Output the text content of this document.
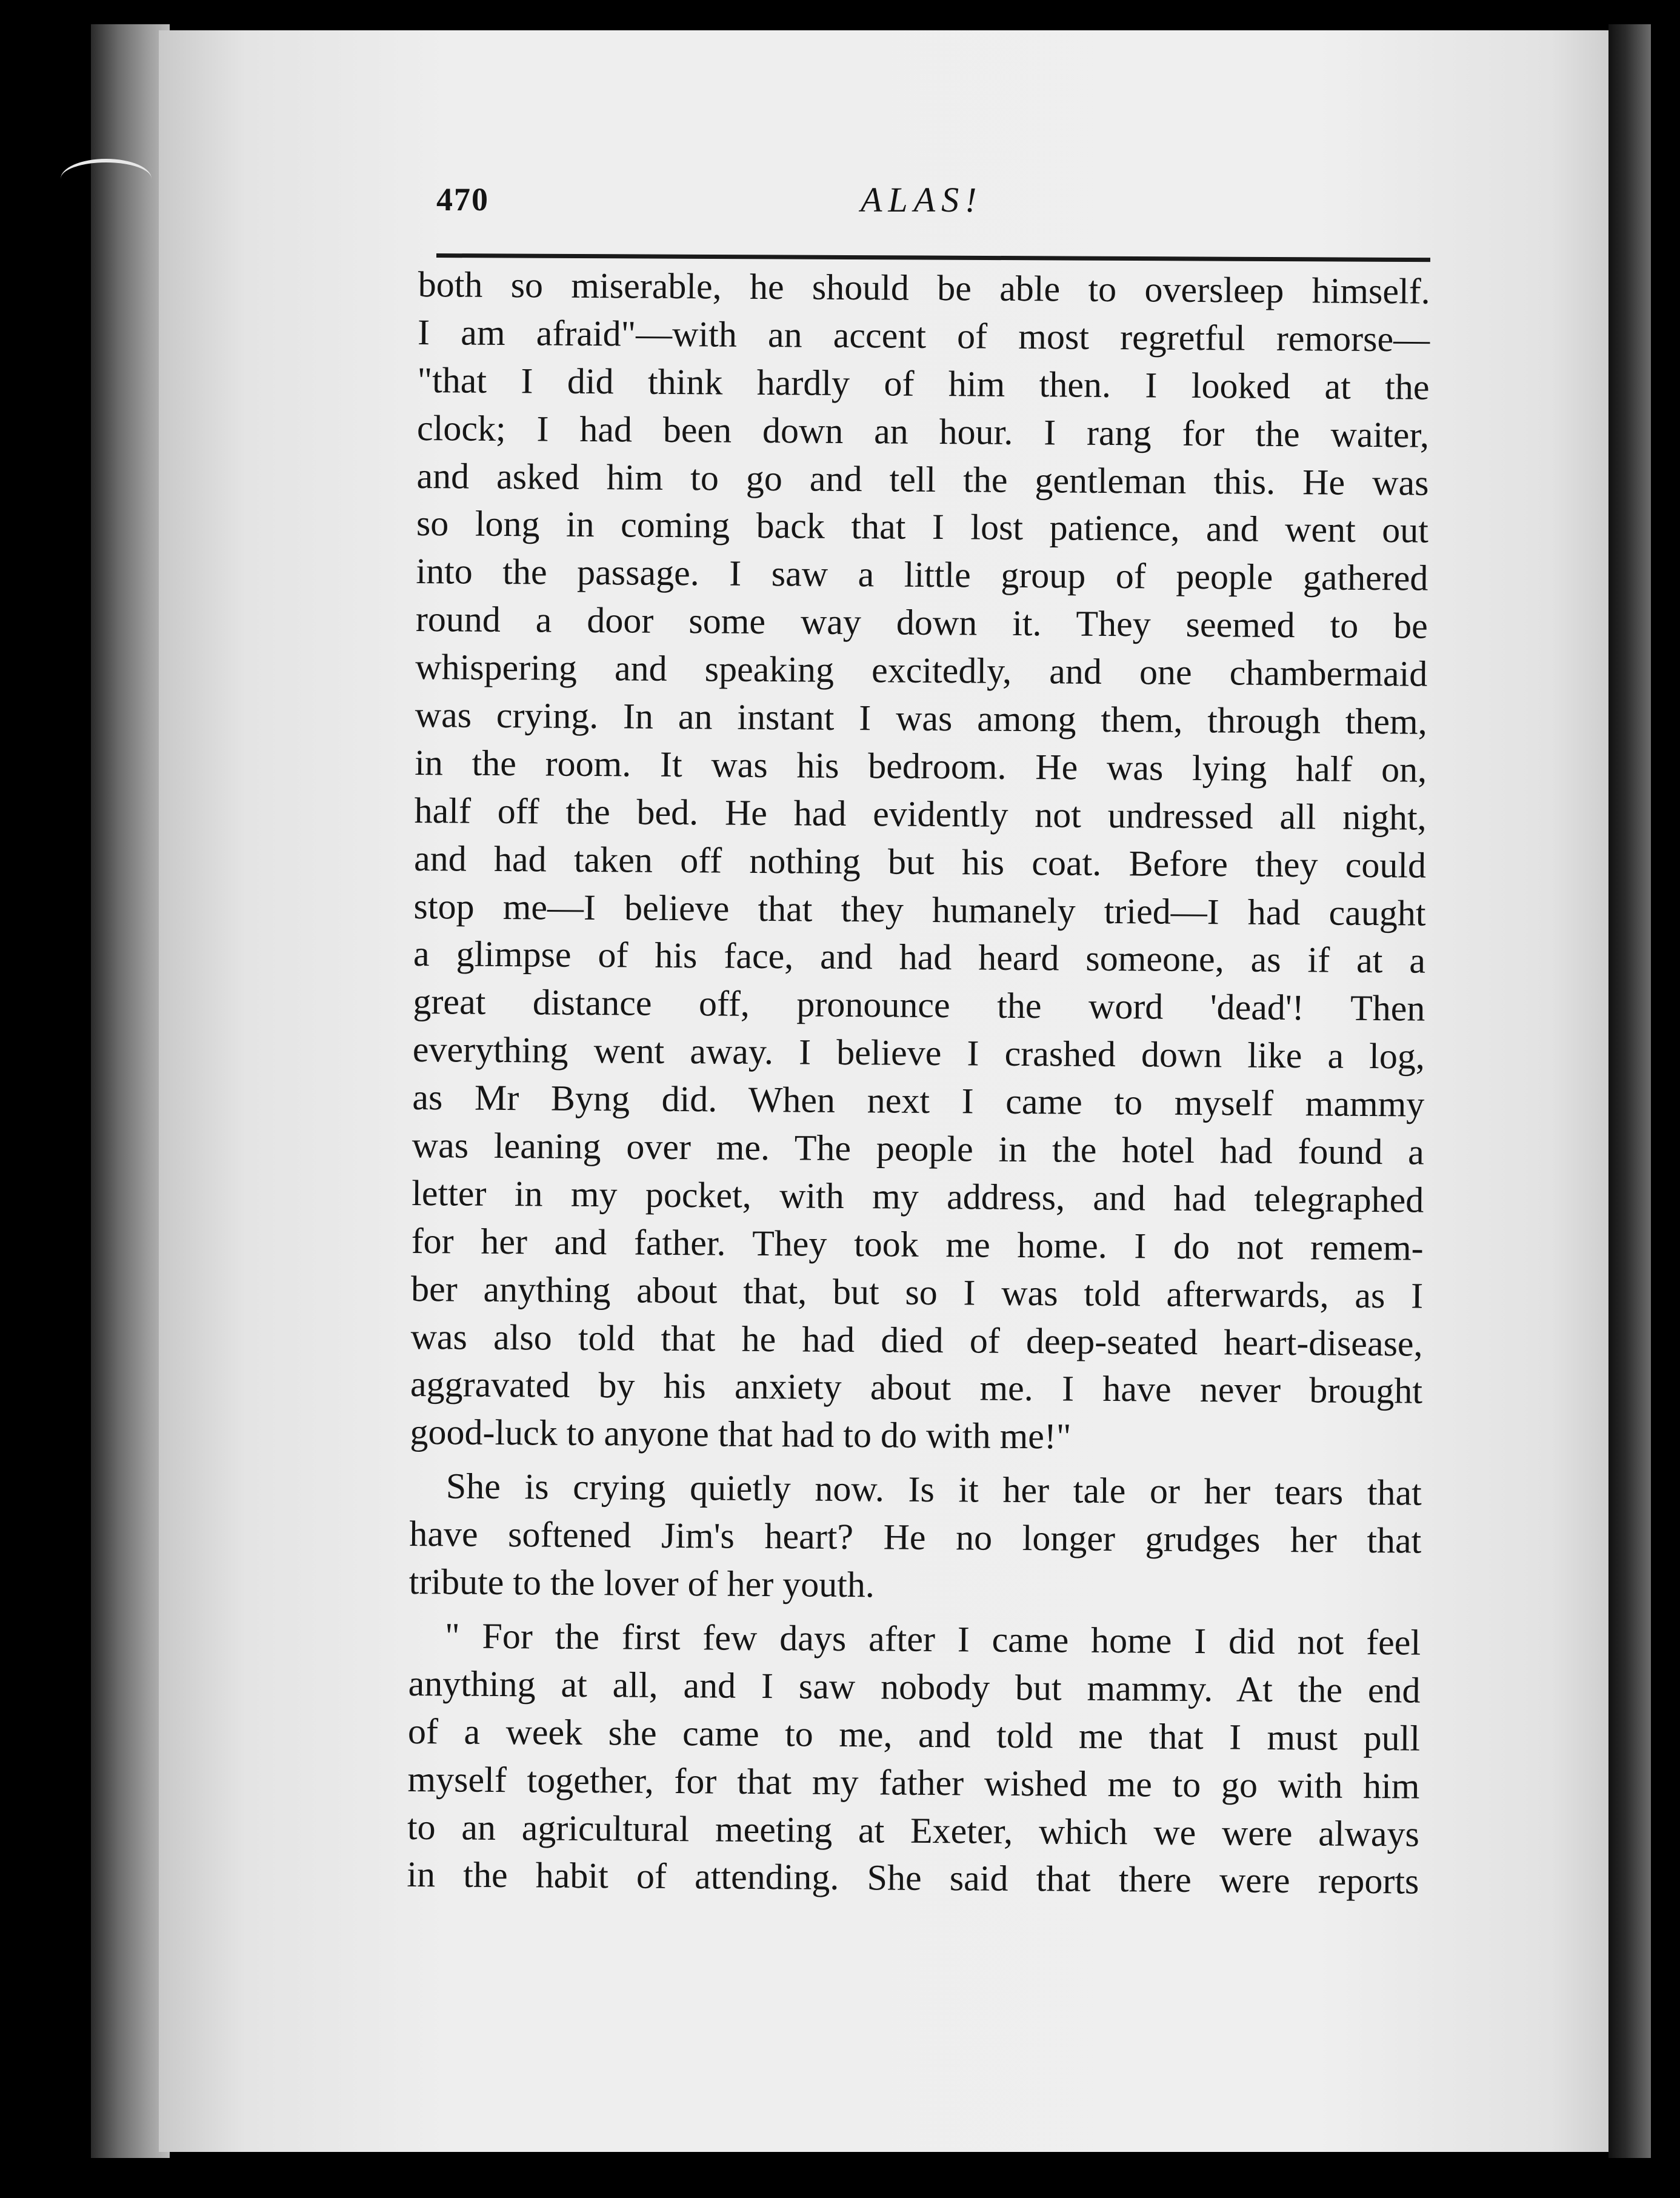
470	ALAS!
both so miserable, he should be able to oversleep himself.
I am afraid"—with an accent of most regretful remorse—
"that I did think hardly of him then. I looked at the
clock; I had been down an hour. I rang for the waiter,
and asked him to go and tell the gentleman this. He was
so long in coming back that I lost patience, and went out
into the passage. I saw a little group of people gathered
round a door some way down it. They seemed to be
whispering and speaking excitedly, and one chambermaid
was crying. In an instant I was among them, through them,
in the room. It was his bedroom. He was lying half on,
half off the bed. He had evidently not undressed all night,
and had taken off nothing but his coat. Before they could
stop me—I believe that they humanely tried—I had caught
a glimpse of his face, and had heard someone, as if at a
great distance off, pronounce the word 'dead'! Then
everything went away. I believe I crashed down like a log,
as Mr Byng did. When next I came to myself mammy
was leaning over me. The people in the hotel had found a
letter in my pocket, with my address, and had telegraphed
for her and father. They took me home. I do not remem-
ber anything about that, but so I was told afterwards, as I
was also told that he had died of deep-seated heart-disease,
aggravated by his anxiety about me. I have never brought
good-luck to anyone that had to do with me!"
She is crying quietly now. Is it her tale or her tears that
have softened Jim's heart? He no longer grudges her that
tribute to the lover of her youth.
" For the first few days after I came home I did not feel
anything at all, and I saw nobody but mammy. At the end
of a week she came to me, and told me that I must pull
myself together, for that my father wished me to go with him
to an agricultural meeting at Exeter, which we were always
in the habit of attending. She said that there were reports
